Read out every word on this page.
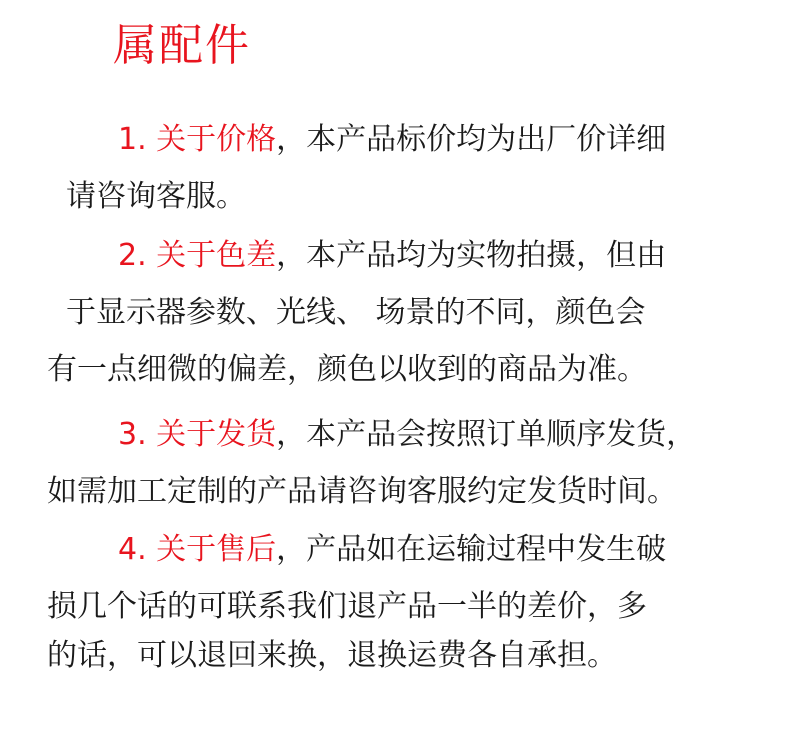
属配件
1. 关于价格，本产品标价均为出厂价详细
请咨询客服。
2. 关于色差，本产品均为实物拍摄，但由
于显示器参数、光线、 场景的不同，颜色会
有一点细微的偏差，颜色以收到的商品为准。
3. 关于发货，本产品会按照订单顺序发货，
如需加工定制的产品请咨询客服约定发货时间。
4. 关于售后，产品如在运输过程中发生破
损几个话的可联系我们退产品一半的差价，多
的话，可以退回来换，退换运费各自承担。
